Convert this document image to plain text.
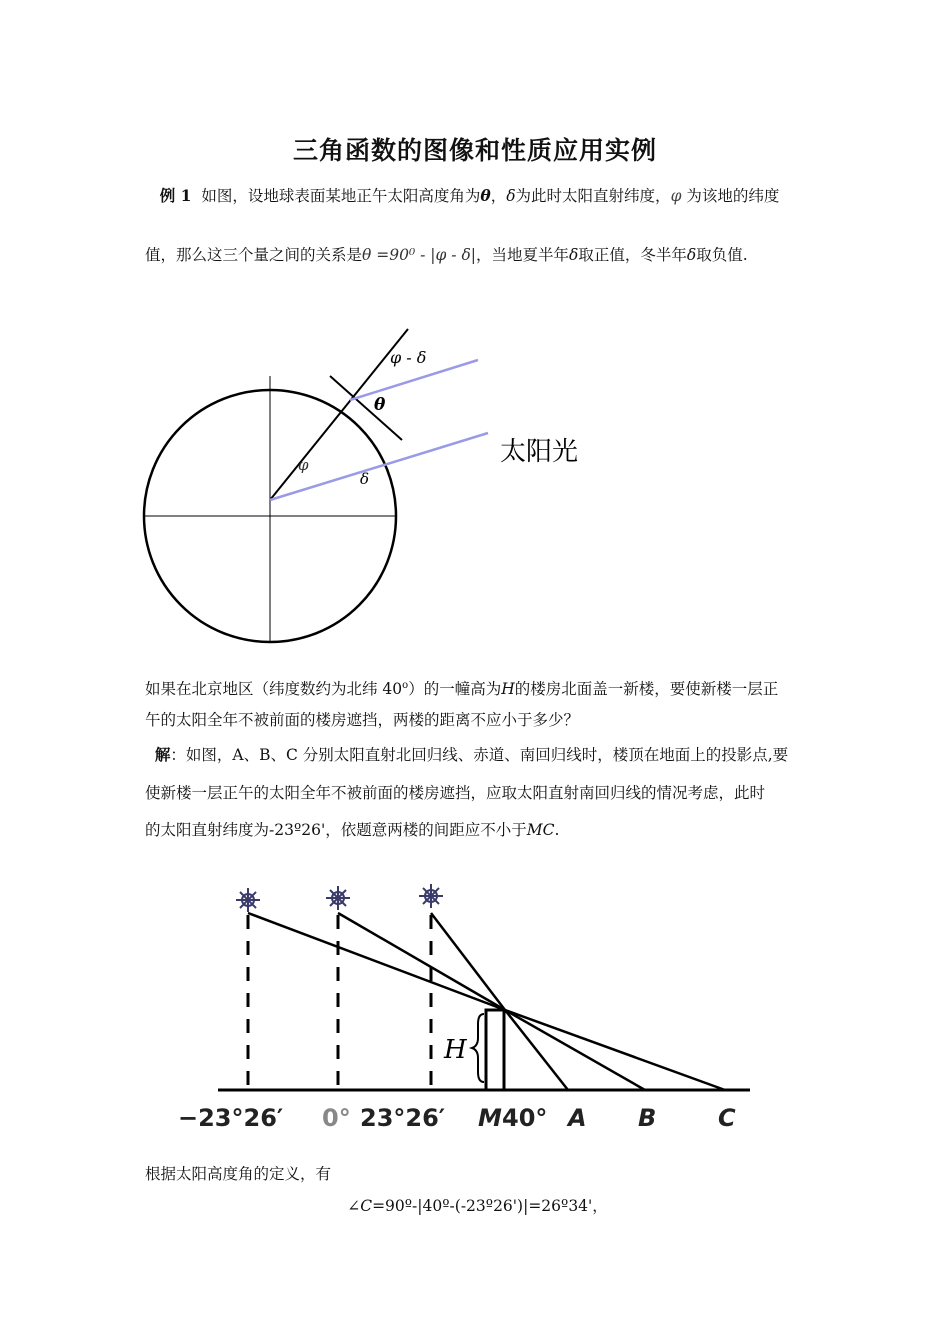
三角函数的图像和性质应用实例
例 1 如图，设地球表面某地正午太阳高度角为θ，δ为此时太阳直射纬度，φ 为该地的纬度
值，那么这三个量之间的关系是θ =90⁰ - |φ - δ|，当地夏半年δ取正值，冬半年δ取负值.
φ - δ
θ
φ
δ
太阳光
如果在北京地区（纬度数约为北纬 40$^o$）的一幢高为H的楼房北面盖一新楼，要使新楼一层正
午的太阳全年不被前面的楼房遮挡，两楼的距离不应小于多少？
解：如图，A、B、C 分别太阳直射北回归线、赤道、南回归线时，楼顶在地面上的投影点,要
使新楼一层正午的太阳全年不被前面的楼房遮挡，应取太阳直射南回归线的情况考虑，此时
的太阳直射纬度为-23º26'，依题意两楼的间距应不小于MC.
H
−23°26′ 0° 23°26′ M 40° A B	C
根据太阳高度角的定义，有
∠C=90º-|40º-(-23º26')|=26º34'，
